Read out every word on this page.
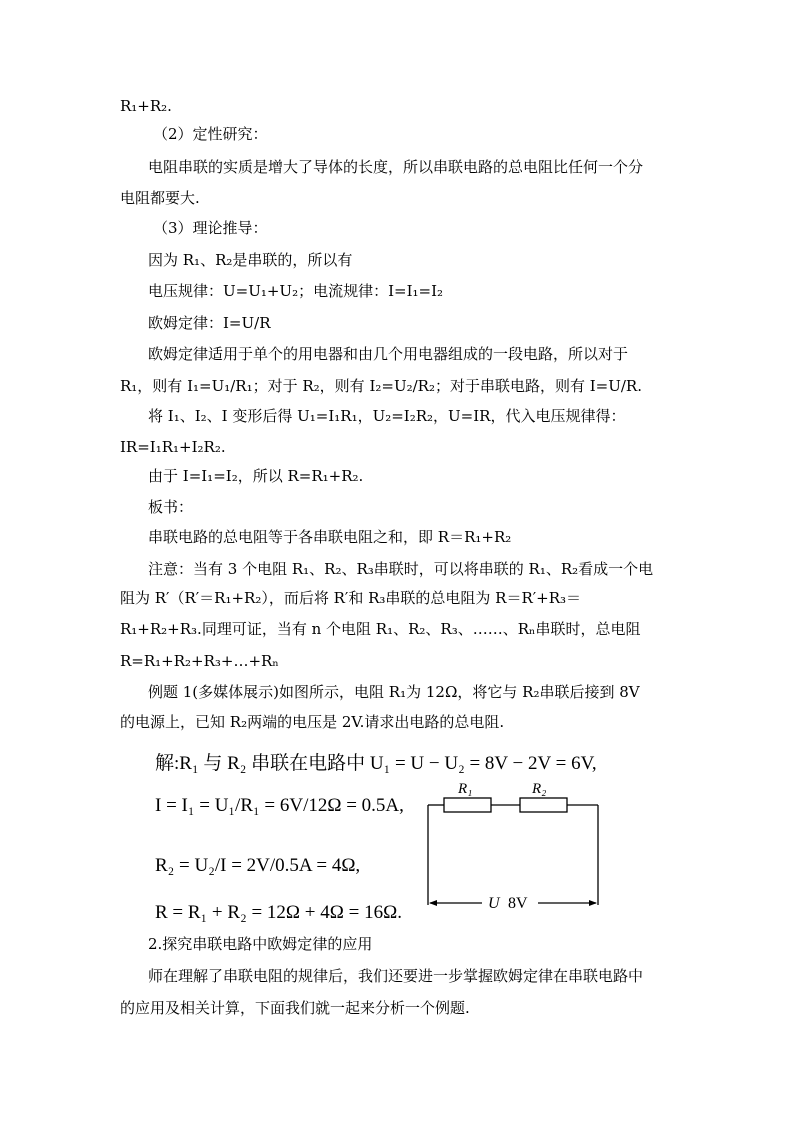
R₁+R₂.
（2）定性研究：
电阻串联的实质是增大了导体的长度，所以串联电路的总电阻比任何一个分
电阻都要大.
（3）理论推导：
因为 R₁、R₂是串联的，所以有
电压规律：U=U₁+U₂；电流规律：I=I₁=I₂
欧姆定律：I=U/R
欧姆定律适用于单个的用电器和由几个用电器组成的一段电路，所以对于
R₁，则有 I₁=U₁/R₁；对于 R₂，则有 I₂=U₂/R₂；对于串联电路，则有 I=U/R.
将 I₁、I₂、I 变形后得 U₁=I₁R₁，U₂=I₂R₂，U=IR，代入电压规律得：
IR=I₁R₁+I₂R₂.
由于 I=I₁=I₂，所以 R=R₁+R₂.
板书：
串联电路的总电阻等于各串联电阻之和，即 R＝R₁+R₂
注意：当有 3 个电阻 R₁、R₂、R₃串联时，可以将串联的 R₁、R₂看成一个电
阻为 R′（R′＝R₁+R₂），而后将 R′和 R₃串联的总电阻为 R＝R′+R₃＝
R₁+R₂+R₃.同理可证，当有 n 个电阻 R₁、R₂、R₃、……、Rₙ串联时，总电阻
R=R₁+R₂+R₃+…+Rₙ
例题 1(多媒体展示)如图所示，电阻 R₁为 12Ω，将它与 R₂串联后接到 8V
的电源上，已知 R₂两端的电压是 2V.请求出电路的总电阻.
解:R₁ 与 R₂ 串联在电路中 U₁ = U − U₂ = 8V − 2V = 6V,
I = I₁ = U₁/R₁ = 6V/12Ω = 0.5A,
R₂ = U₂/I = 2V/0.5A = 4Ω,
R = R₁ + R₂ = 12Ω + 4Ω = 16Ω.
R₁	R₂
U 8V
2.探究串联电路中欧姆定律的应用
师在理解了串联电阻的规律后，我们还要进一步掌握欧姆定律在串联电路中
的应用及相关计算，下面我们就一起来分析一个例题.
